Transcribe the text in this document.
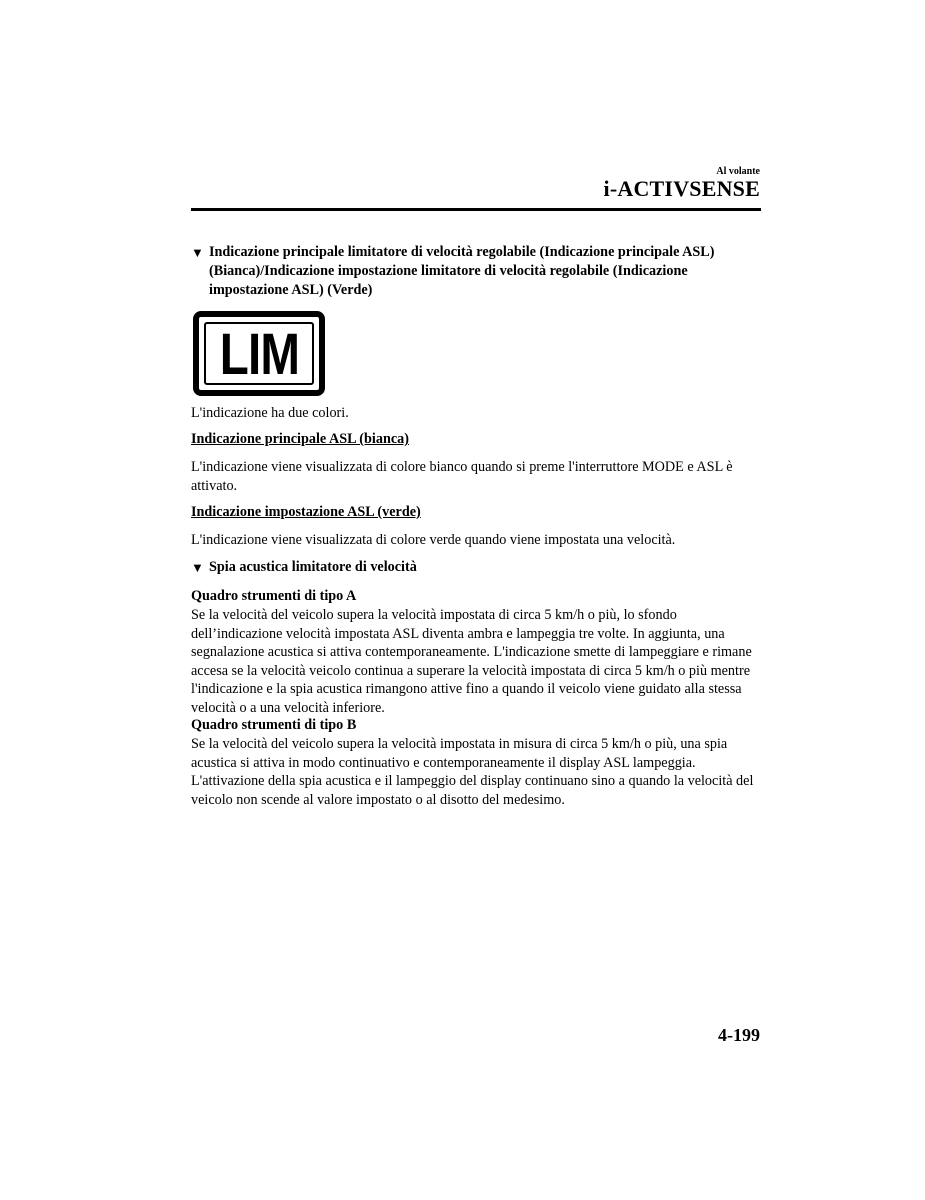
Al volante
i-ACTIVSENSE
▼ Indicazione principale limitatore di velocità regolabile (Indicazione principale ASL) (Bianca)/Indicazione impostazione limitatore di velocità regolabile (Indicazione impostazione ASL) (Verde)
LIM
L'indicazione ha due colori.
Indicazione principale ASL (bianca)
L'indicazione viene visualizzata di colore bianco quando si preme l'interruttore MODE e ASL è attivato.
Indicazione impostazione ASL (verde)
L'indicazione viene visualizzata di colore verde quando viene impostata una velocità.
▼ Spia acustica limitatore di velocità
Quadro strumenti di tipo A
Se la velocità del veicolo supera la velocità impostata di circa 5 km/h o più, lo sfondo dell’indicazione velocità impostata ASL diventa ambra e lampeggia tre volte. In aggiunta, una segnalazione acustica si attiva contemporaneamente. L'indicazione smette di lampeggiare e rimane accesa se la velocità veicolo continua a superare la velocità impostata di circa 5 km/h o più mentre l'indicazione e la spia acustica rimangono attive fino a quando il veicolo viene guidato alla stessa velocità o a una velocità inferiore.
Quadro strumenti di tipo B
Se la velocità del veicolo supera la velocità impostata in misura di circa 5 km/h o più, una spia acustica si attiva in modo continuativo e contemporaneamente il display ASL lampeggia. L'attivazione della spia acustica e il lampeggio del display continuano sino a quando la velocità del veicolo non scende al valore impostato o al disotto del medesimo.
4-199
